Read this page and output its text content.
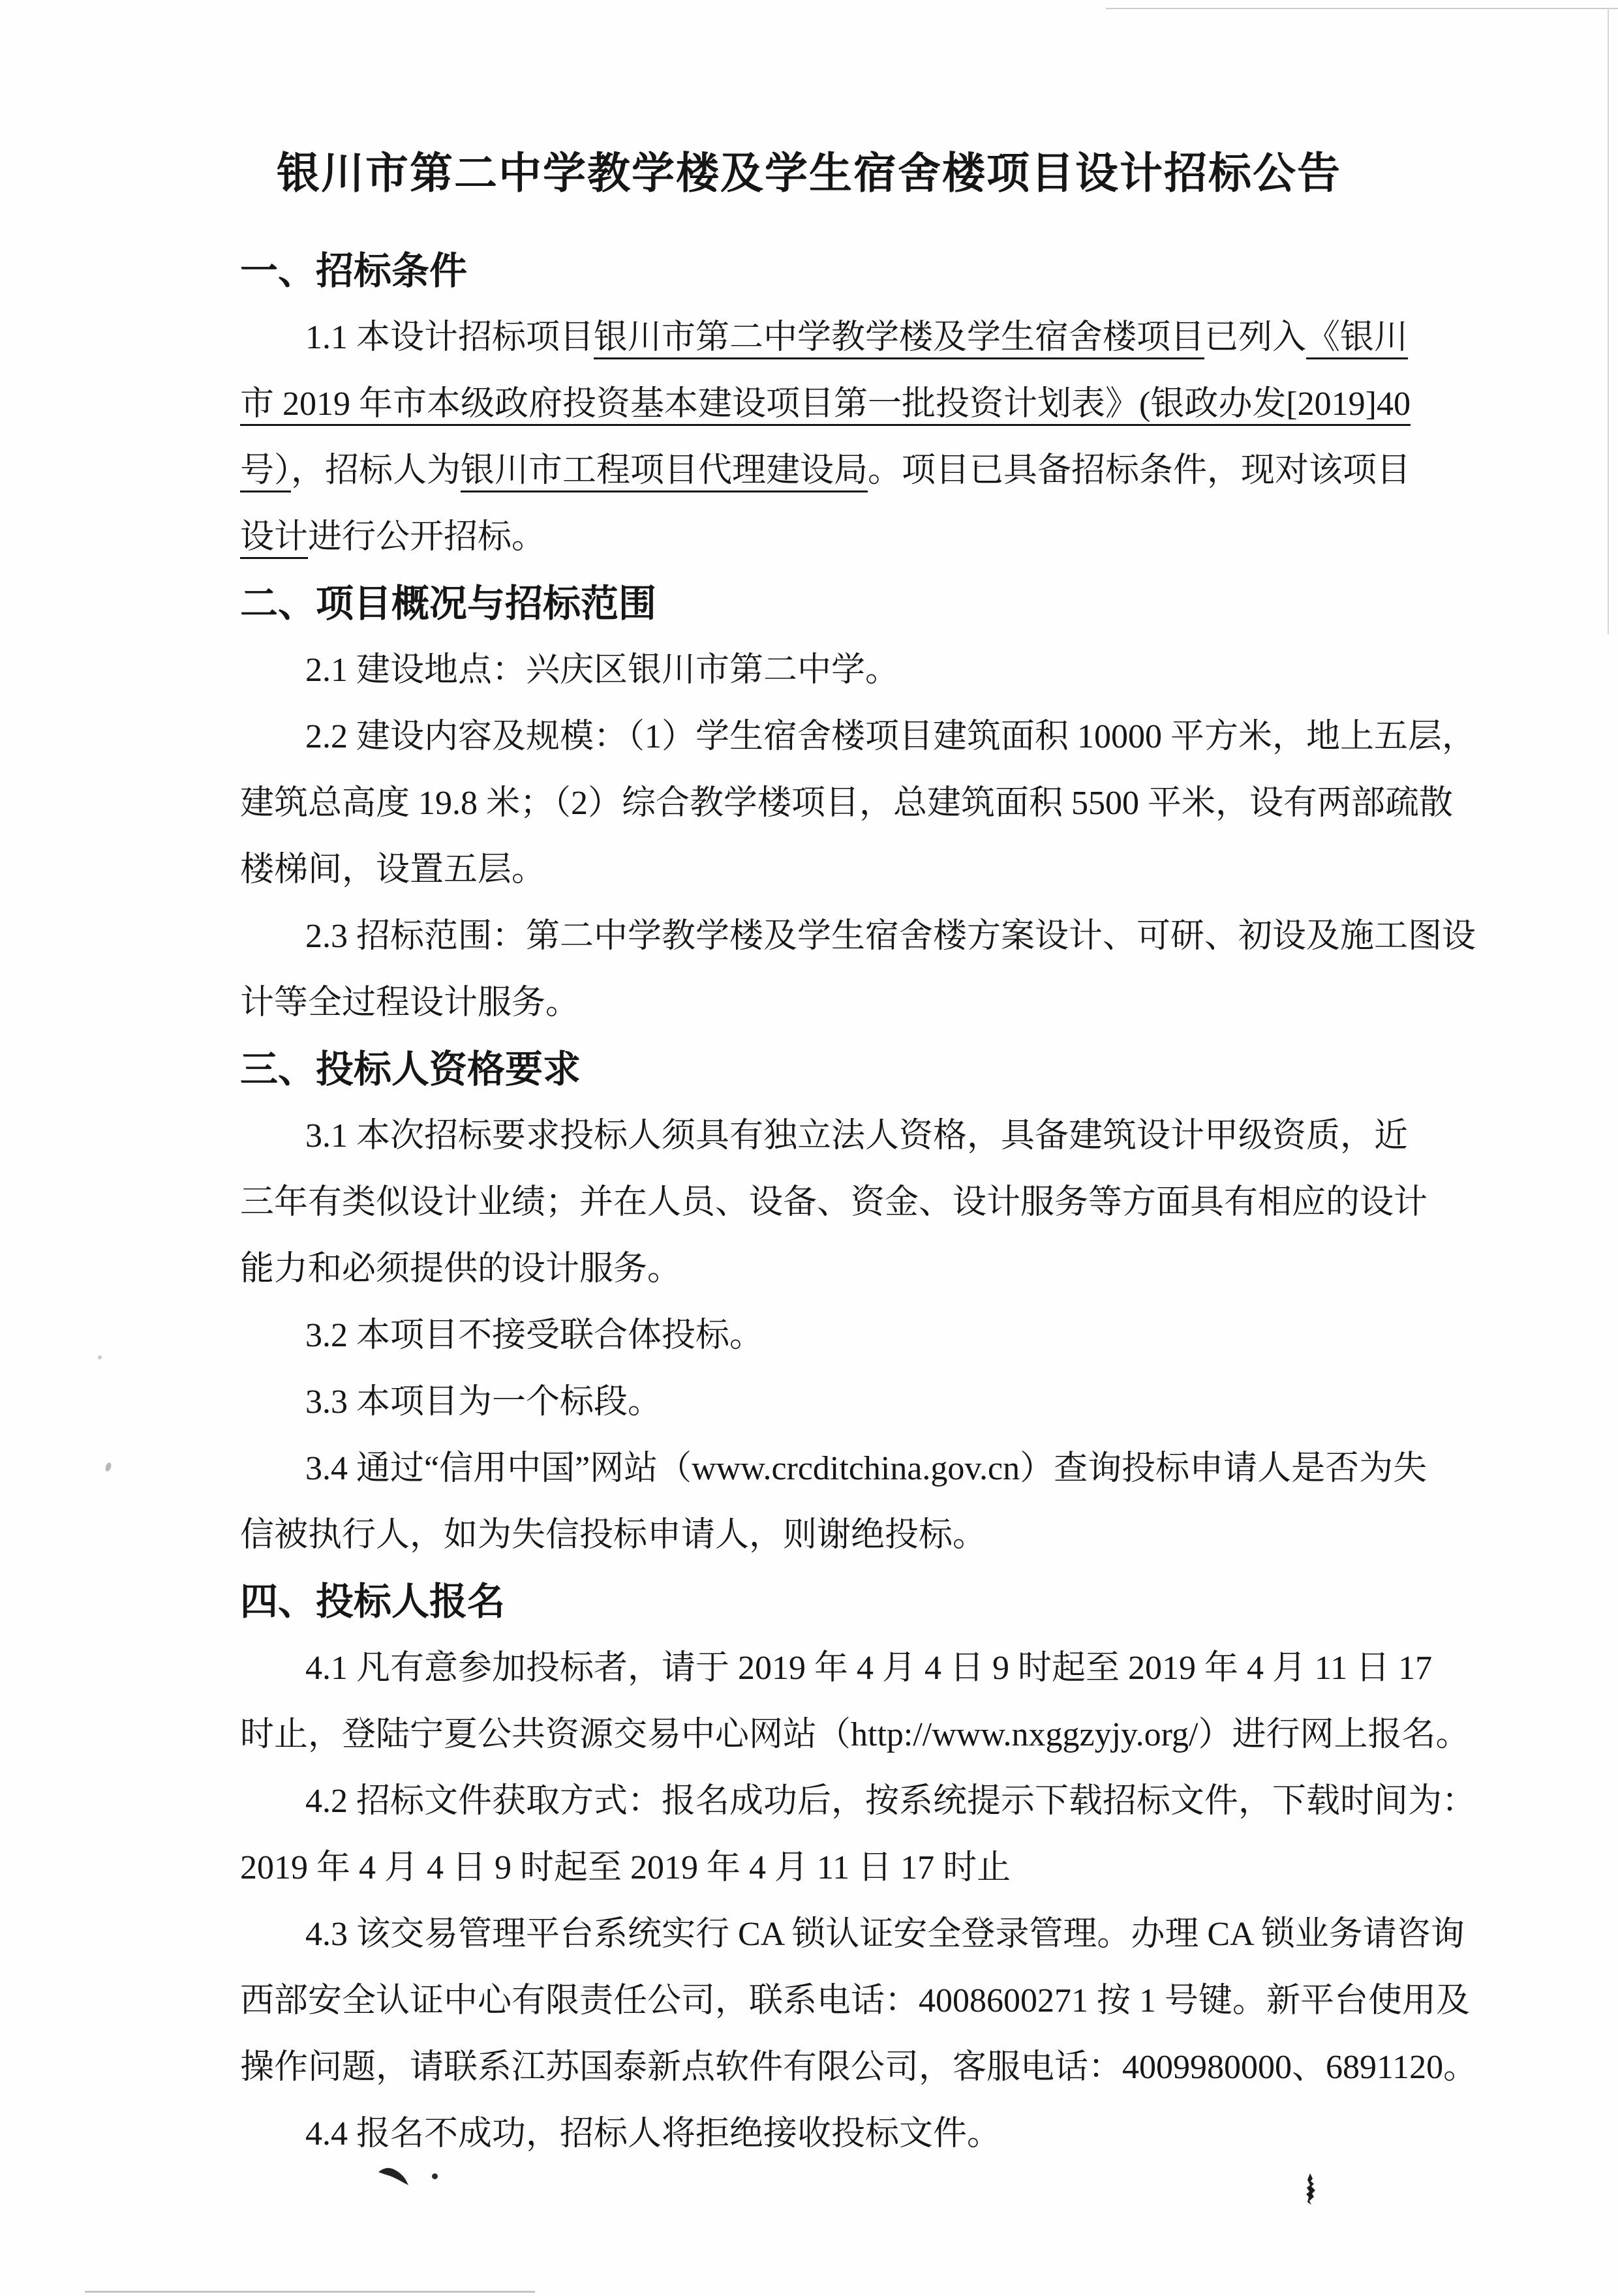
银川市第二中学教学楼及学生宿舍楼项目设计招标公告
一、招标条件
1.1 本设计招标项目银川市第二中学教学楼及学生宿舍楼项目已列入《银川
市 2019 年市本级政府投资基本建设项目第一批投资计划表》(银政办发[2019]40
号），招标人为银川市工程项目代理建设局。项目已具备招标条件，现对该项目
设计进行公开招标。
二、项目概况与招标范围
2.1 建设地点：兴庆区银川市第二中学。
2.2 建设内容及规模：（1）学生宿舍楼项目建筑面积 10000 平方米，地上五层，
建筑总高度 19.8 米；（2）综合教学楼项目，总建筑面积 5500 平米，设有两部疏散
楼梯间，设置五层。
2.3 招标范围：第二中学教学楼及学生宿舍楼方案设计、可研、初设及施工图设
计等全过程设计服务。
三、投标人资格要求
3.1 本次招标要求投标人须具有独立法人资格，具备建筑设计甲级资质，近
三年有类似设计业绩；并在人员、设备、资金、设计服务等方面具有相应的设计
能力和必须提供的设计服务。
3.2 本项目不接受联合体投标。
3.3 本项目为一个标段。
3.4 通过“信用中国”网站（www.crcditchina.gov.cn）查询投标申请人是否为失
信被执行人，如为失信投标申请人，则谢绝投标。
四、投标人报名
4.1 凡有意参加投标者，请于 2019 年 4 月 4 日 9 时起至 2019 年 4 月 11 日 17
时止，登陆宁夏公共资源交易中心网站（http://www.nxggzyjy.org/）进行网上报名。
4.2 招标文件获取方式：报名成功后，按系统提示下载招标文件，下载时间为：
2019 年 4 月 4 日 9 时起至 2019 年 4 月 11 日 17 时止
4.3 该交易管理平台系统实行 CA 锁认证安全登录管理。办理 CA 锁业务请咨询
西部安全认证中心有限责任公司，联系电话：4008600271 按 1 号键。新平台使用及
操作问题，请联系江苏国泰新点软件有限公司，客服电话：4009980000、6891120。
4.4 报名不成功，招标人将拒绝接收投标文件。
